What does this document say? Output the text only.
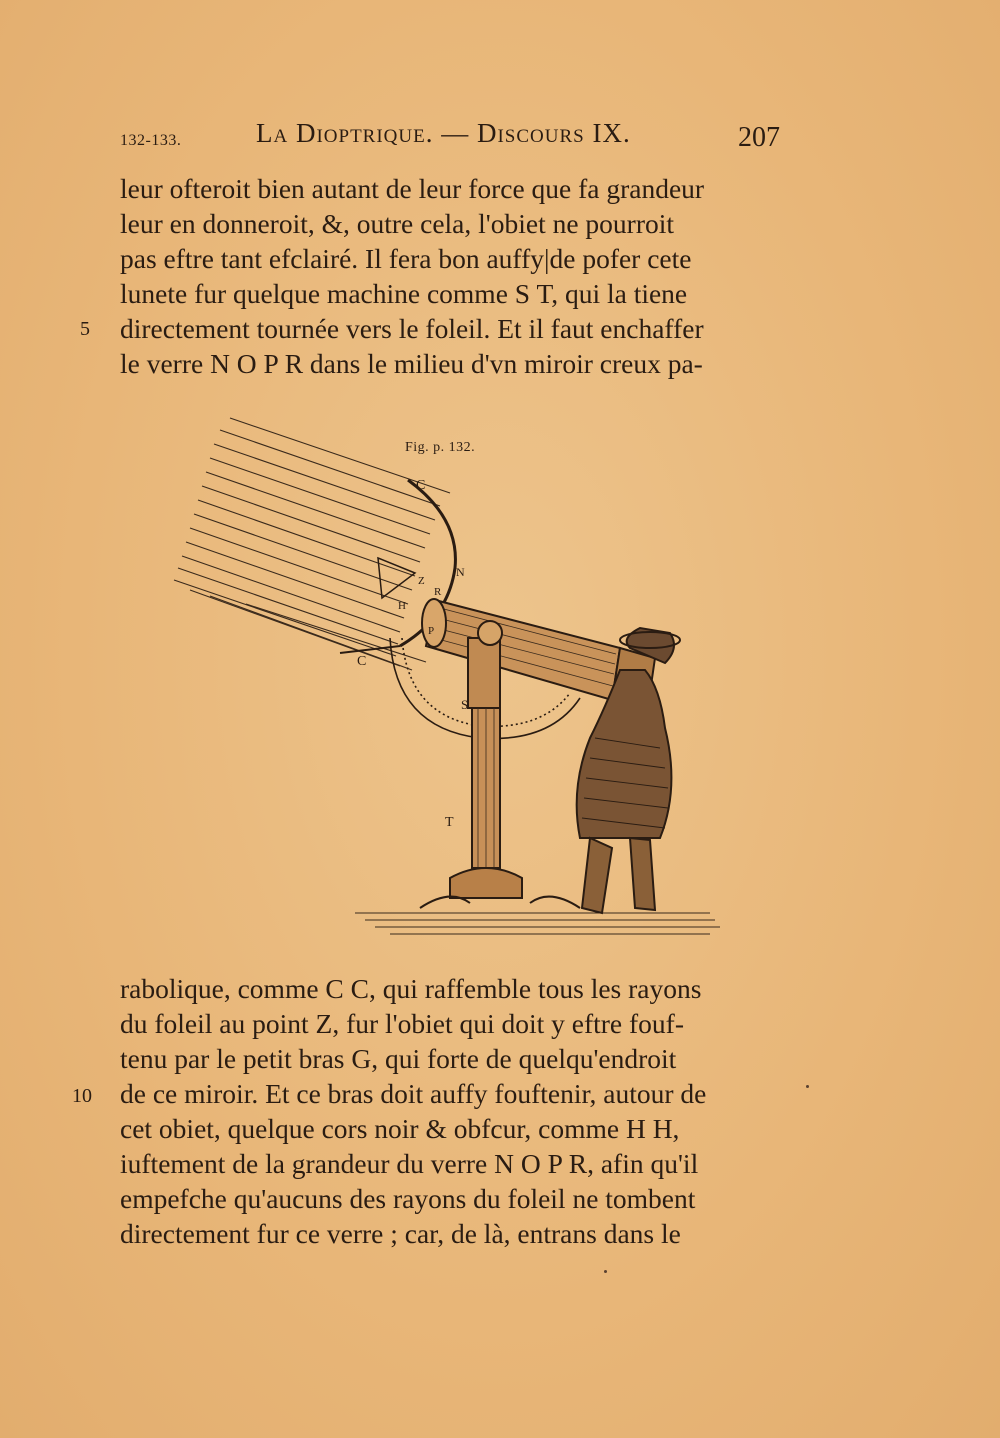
132-133.	La Dioptrique. — Discours IX.	207
leur ofteroit bien autant de leur force que fa grandeur
leur en donneroit, &, outre cela, l'obiet ne pourroit
pas eftre tant efclairé. Il fera bon auffy|de pofer cete
lunete fur quelque machine comme S T, qui la tiene
directement tournée vers le foleil. Et il faut enchaffer
le verre N O P R dans le milieu d'vn miroir creux pa-
5
Fig. p. 132.
C
N
Z
R
H
P
C
S
T
rabolique, comme C C, qui raffemble tous les rayons
du foleil au point Z, fur l'obiet qui doit y eftre fouf-
tenu par le petit bras G, qui forte de quelqu'endroit
de ce miroir. Et ce bras doit auffy fouftenir, autour de
cet obiet, quelque cors noir & obfcur, comme H H,
iuftement de la grandeur du verre N O P R, afin qu'il
empefche qu'aucuns des rayons du foleil ne tombent
directement fur ce verre ; car, de là, entrans dans le
10
